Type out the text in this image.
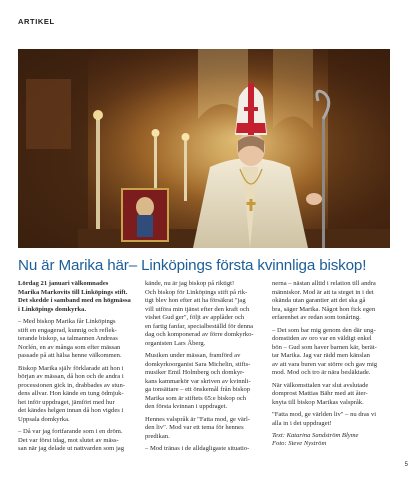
ARTIKEL
Nu är Marika här– Linköpings första kvinnliga biskop!

Lördag 21 januari välkomnades
Marika Markovits till Linköpings stift.
Det skedde i samband med en högmässa
i Linköpings domkyrka.

– Med biskop Marika får Linköpings
stift en engagerad, kunnig och reflek-
terande biskop, sa talmannen Andreas
Norlén, en av många som efter mässan
passade på att hälsa henne välkommen.

Biskop Marika själv förklarade att hon i
början av mässan, då hon och de andra i
processionen gick in, drabbades av stun-
dens allvar. Hon kände en tung ödmjuk-
het inför uppdraget, jämfört med hur
det kändes helgen innan då hon vigdes i
Uppsala domkyrka.

– Då var jag fortfarande som i en dröm.
Det var först idag, mot slutet av mäss-
san när jag delade ut nattvarden som jag

kände, nu är jag biskop på riktigt!
Och biskop för Linköpings stift på rik-
tigt blev hon efter att ha försäkrat "jag
vill utföra min tjänst efter den kraft och
vishet Gud ger", följt av applåder och
en fartig fanfar, specialbeställd för denna
dag och komponerad av förre domkyrko-
organisten Lars Åberg.

Musiken under mässan, framförd av
domkyrkoorganist Sara Michelin, stifts-
musiker Emil Holmberg och domkyr-
kans kammarkör var skriven av kvinnli-
ga tonsättare – ett önskemål från biskop
Marika som är stiftets 65:e biskop och
den första kvinnan i uppdraget.

Hennes valspråk är "Fatta mod, ge värl-
den liv". Mod var ett tema för hennes
predikan.

– Mod tränas i de alldagligaste situatio-

nerna – nästan alltid i relation till andra
människor. Mod är att ta steget in i det
okända utan garantier att det ska gå
bra, säger Marika. Något hon fick egen
erfarenhet av redan som tonåring.

– Det som bar mig genom den där ung-
domstiden av oro var en väldigt enkel
bön – Gud som haver barnen kär, berät-
tar Marika. Jag var rädd men känslan
av att vara buren var större och gav mig
mod. Mod och tro är nära besläktade.

När välkomsttalen var slut avslutade
domprost Mattias Bähr med att åter-
knyta till biskop Marikas valspråk.

"Fatta mod, ge världen liv" – nu dras vi
alla in i det uppdraget!

Text: Katarina Sandström Blyme
Foto: Steve Nyström

5
